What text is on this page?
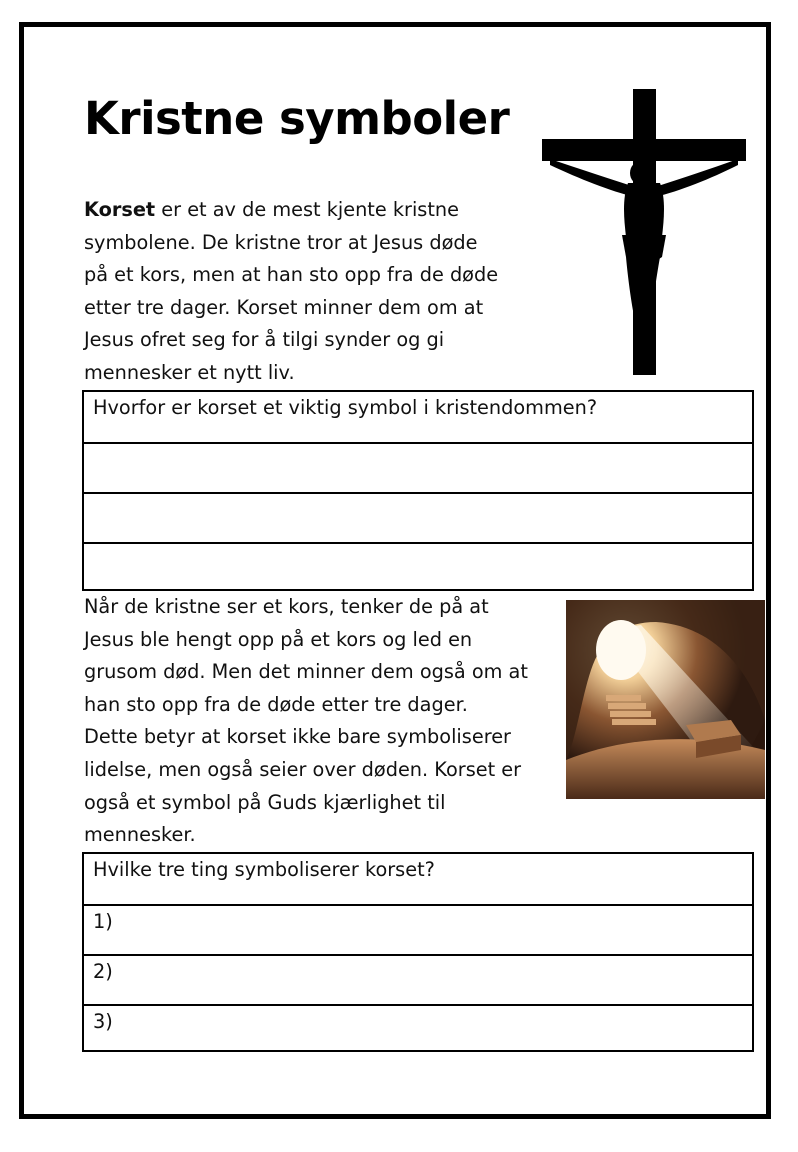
Kristne symboler

Korset er et av de mest kjente kristne
symbolene. De kristne tror at Jesus døde
på et kors, men at han sto opp fra de døde
etter tre dager. Korset minner dem om at
Jesus ofret seg for å tilgi synder og gi
mennesker et nytt liv.

Hvorfor er korset et viktig symbol i kristendommen?

Når de kristne ser et kors, tenker de på at
Jesus ble hengt opp på et kors og led en
grusom død. Men det minner dem også om at
han sto opp fra de døde etter tre dager.
Dette betyr at korset ikke bare symboliserer
lidelse, men også seier over døden. Korset er
også et symbol på Guds kjærlighet til
mennesker.

Hvilke tre ting symboliserer korset?
1)
2)
3)
